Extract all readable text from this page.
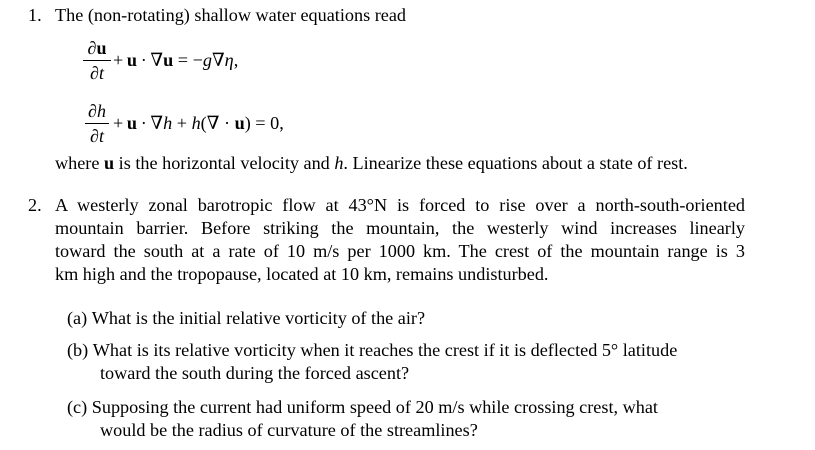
1. The (non-rotating) shallow water equations read
∂u
∂t
+  u  ·  ∇u = −g∇η,
∂h
∂t
+  u  ·  ∇h + h(∇ · u) = 0,
where u is the horizontal velocity and h. Linearize these equations about a state of rest.
2. A westerly zonal barotropic flow at 43°N is forced to rise over a north-south-oriented
mountain barrier. Before striking the mountain, the westerly wind increases linearly
toward the south at a rate of 10 m/s per 1000 km. The crest of the mountain range is 3
km high and the tropopause, located at 10 km, remains undisturbed.
(a) What is the initial relative vorticity of the air?
(b) What is its relative vorticity when it reaches the crest if it is deflected 5° latitude
toward the south during the forced ascent?
(c) Supposing the current had uniform speed of 20 m/s while crossing crest, what
would be the radius of curvature of the streamlines?
